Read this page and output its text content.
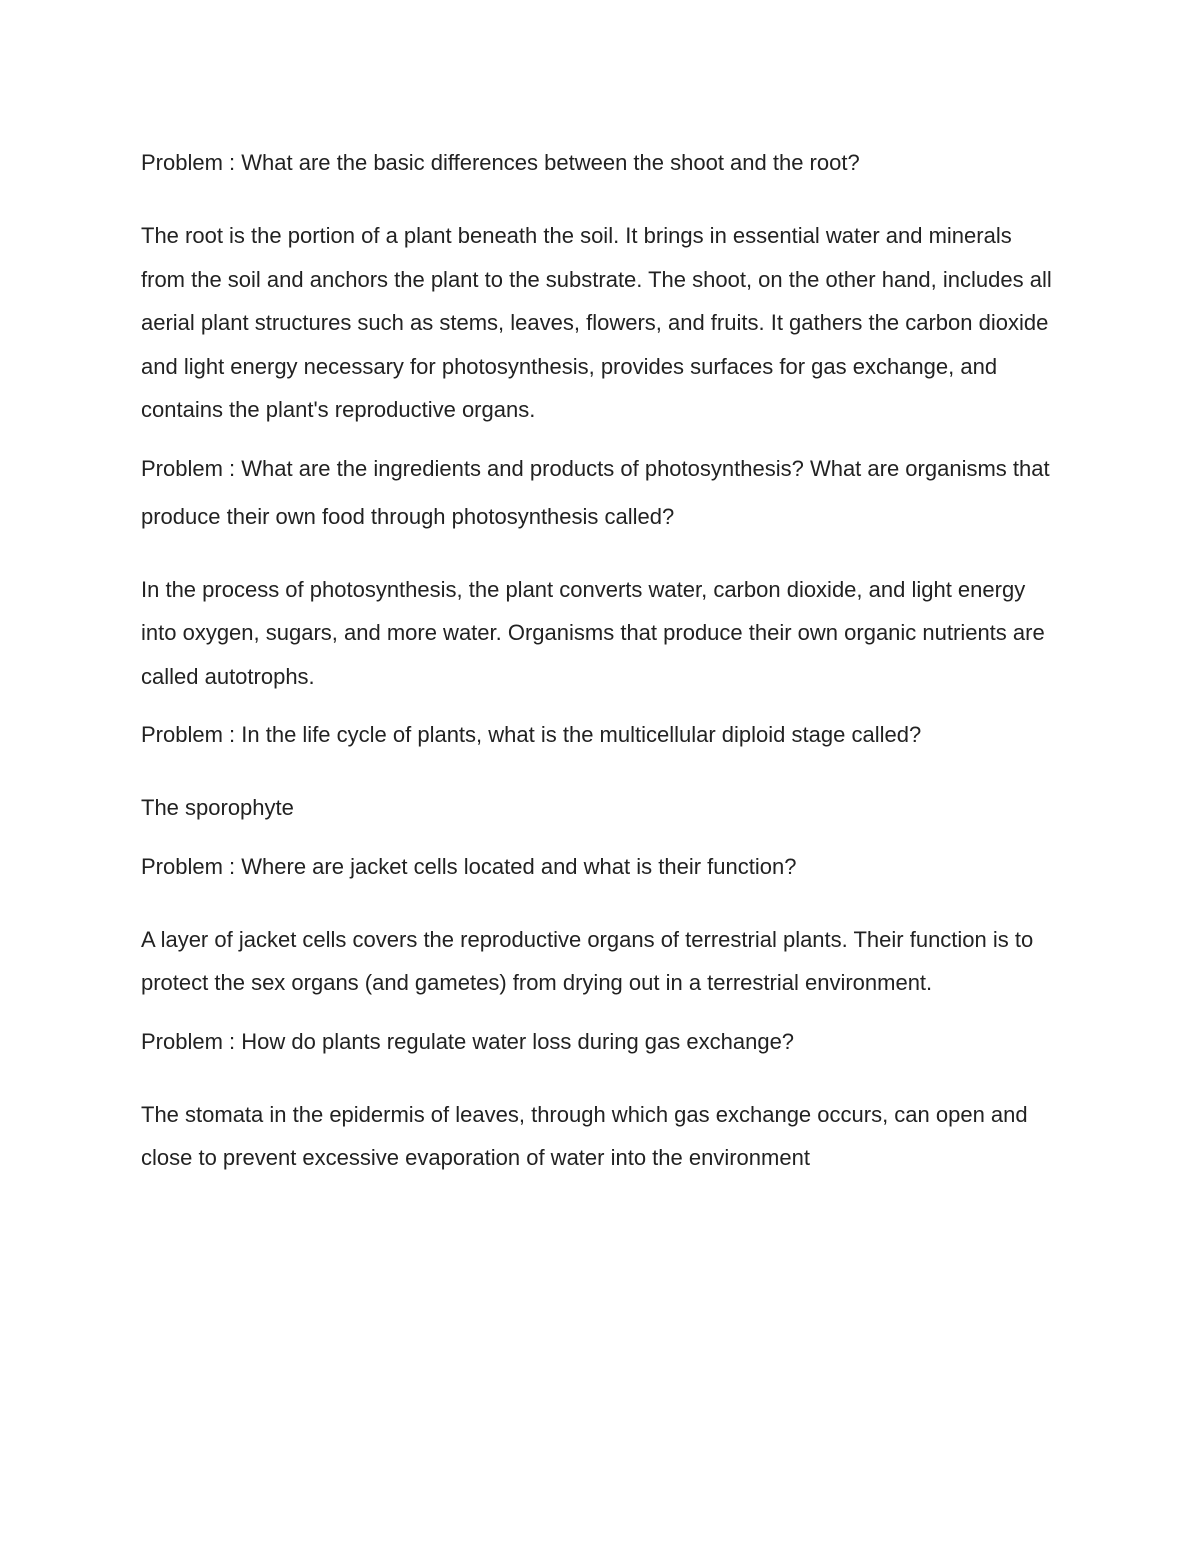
Problem : What are the basic differences between the shoot and the root?

The root is the portion of a plant beneath the soil. It brings in essential water and minerals from the soil and anchors the plant to the substrate. The shoot, on the other hand, includes all aerial plant structures such as stems, leaves, flowers, and fruits. It gathers the carbon dioxide and light energy necessary for photosynthesis, provides surfaces for gas exchange, and contains the plant's reproductive organs.

Problem : What are the ingredients and products of photosynthesis? What are organisms that produce their own food through photosynthesis called?

In the process of photosynthesis, the plant converts water, carbon dioxide, and light energy into oxygen, sugars, and more water. Organisms that produce their own organic nutrients are called autotrophs.

Problem : In the life cycle of plants, what is the multicellular diploid stage called?

The sporophyte

Problem : Where are jacket cells located and what is their function?

A layer of jacket cells covers the reproductive organs of terrestrial plants. Their function is to protect the sex organs (and gametes) from drying out in a terrestrial environment.

Problem : How do plants regulate water loss during gas exchange?

The stomata in the epidermis of leaves, through which gas exchange occurs, can open and close to prevent excessive evaporation of water into the environment
